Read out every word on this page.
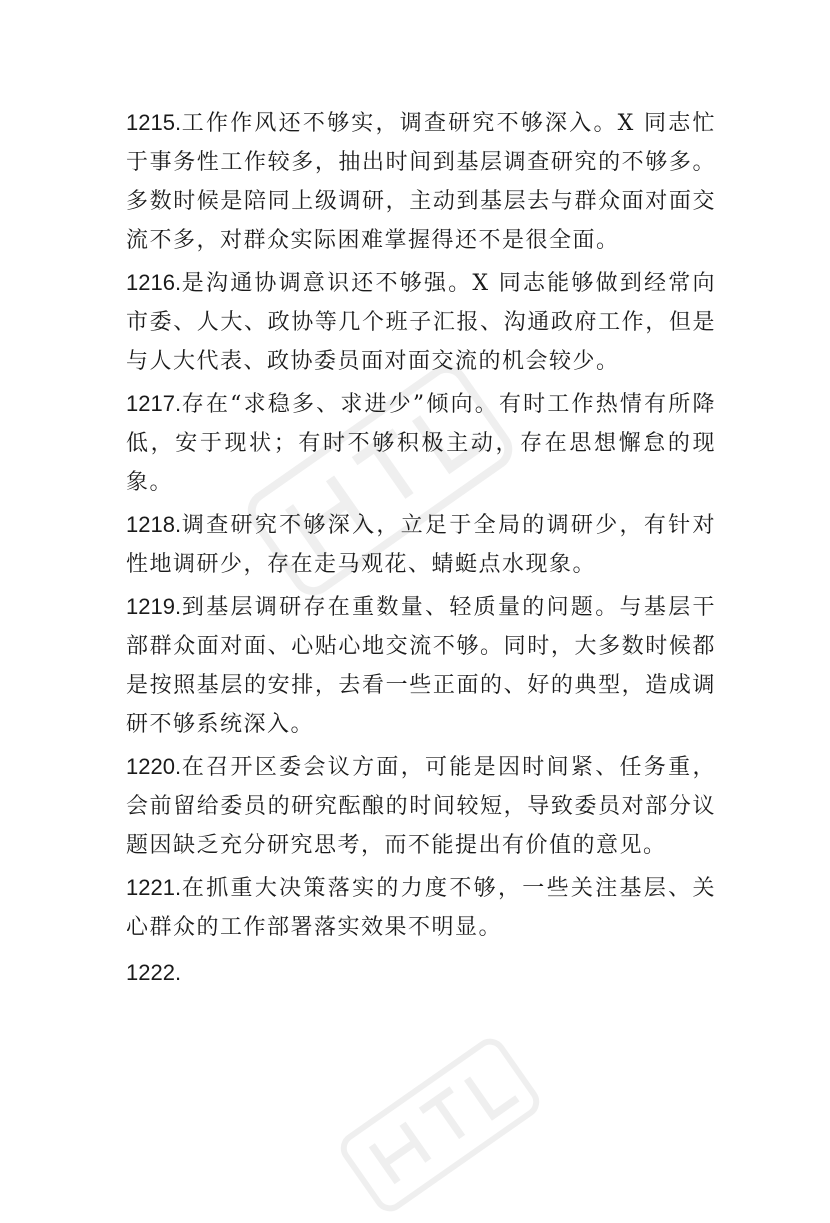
1215.工作作风还不够实，调查研究不够深入。X 同志忙于事务性工作较多，抽出时间到基层调查研究的不够多。多数时候是陪同上级调研，主动到基层去与群众面对面交流不多，对群众实际困难掌握得还不是很全面。

1216.是沟通协调意识还不够强。X 同志能够做到经常向市委、人大、政协等几个班子汇报、沟通政府工作，但是与人大代表、政协委员面对面交流的机会较少。

1217.存在“求稳多、求进少”倾向。有时工作热情有所降低，安于现状；有时不够积极主动，存在思想懈怠的现象。

1218.调查研究不够深入，立足于全局的调研少，有针对性地调研少，存在走马观花、蜻蜓点水现象。

1219.到基层调研存在重数量、轻质量的问题。与基层干部群众面对面、心贴心地交流不够。同时，大多数时候都是按照基层的安排，去看一些正面的、好的典型，造成调研不够系统深入。

1220.在召开区委会议方面，可能是因时间紧、任务重，会前留给委员的研究酝酿的时间较短，导致委员对部分议题因缺乏充分研究思考，而不能提出有价值的意见。

1221.在抓重大决策落实的力度不够，一些关注基层、关心群众的工作部署落实效果不明显。

1222.
